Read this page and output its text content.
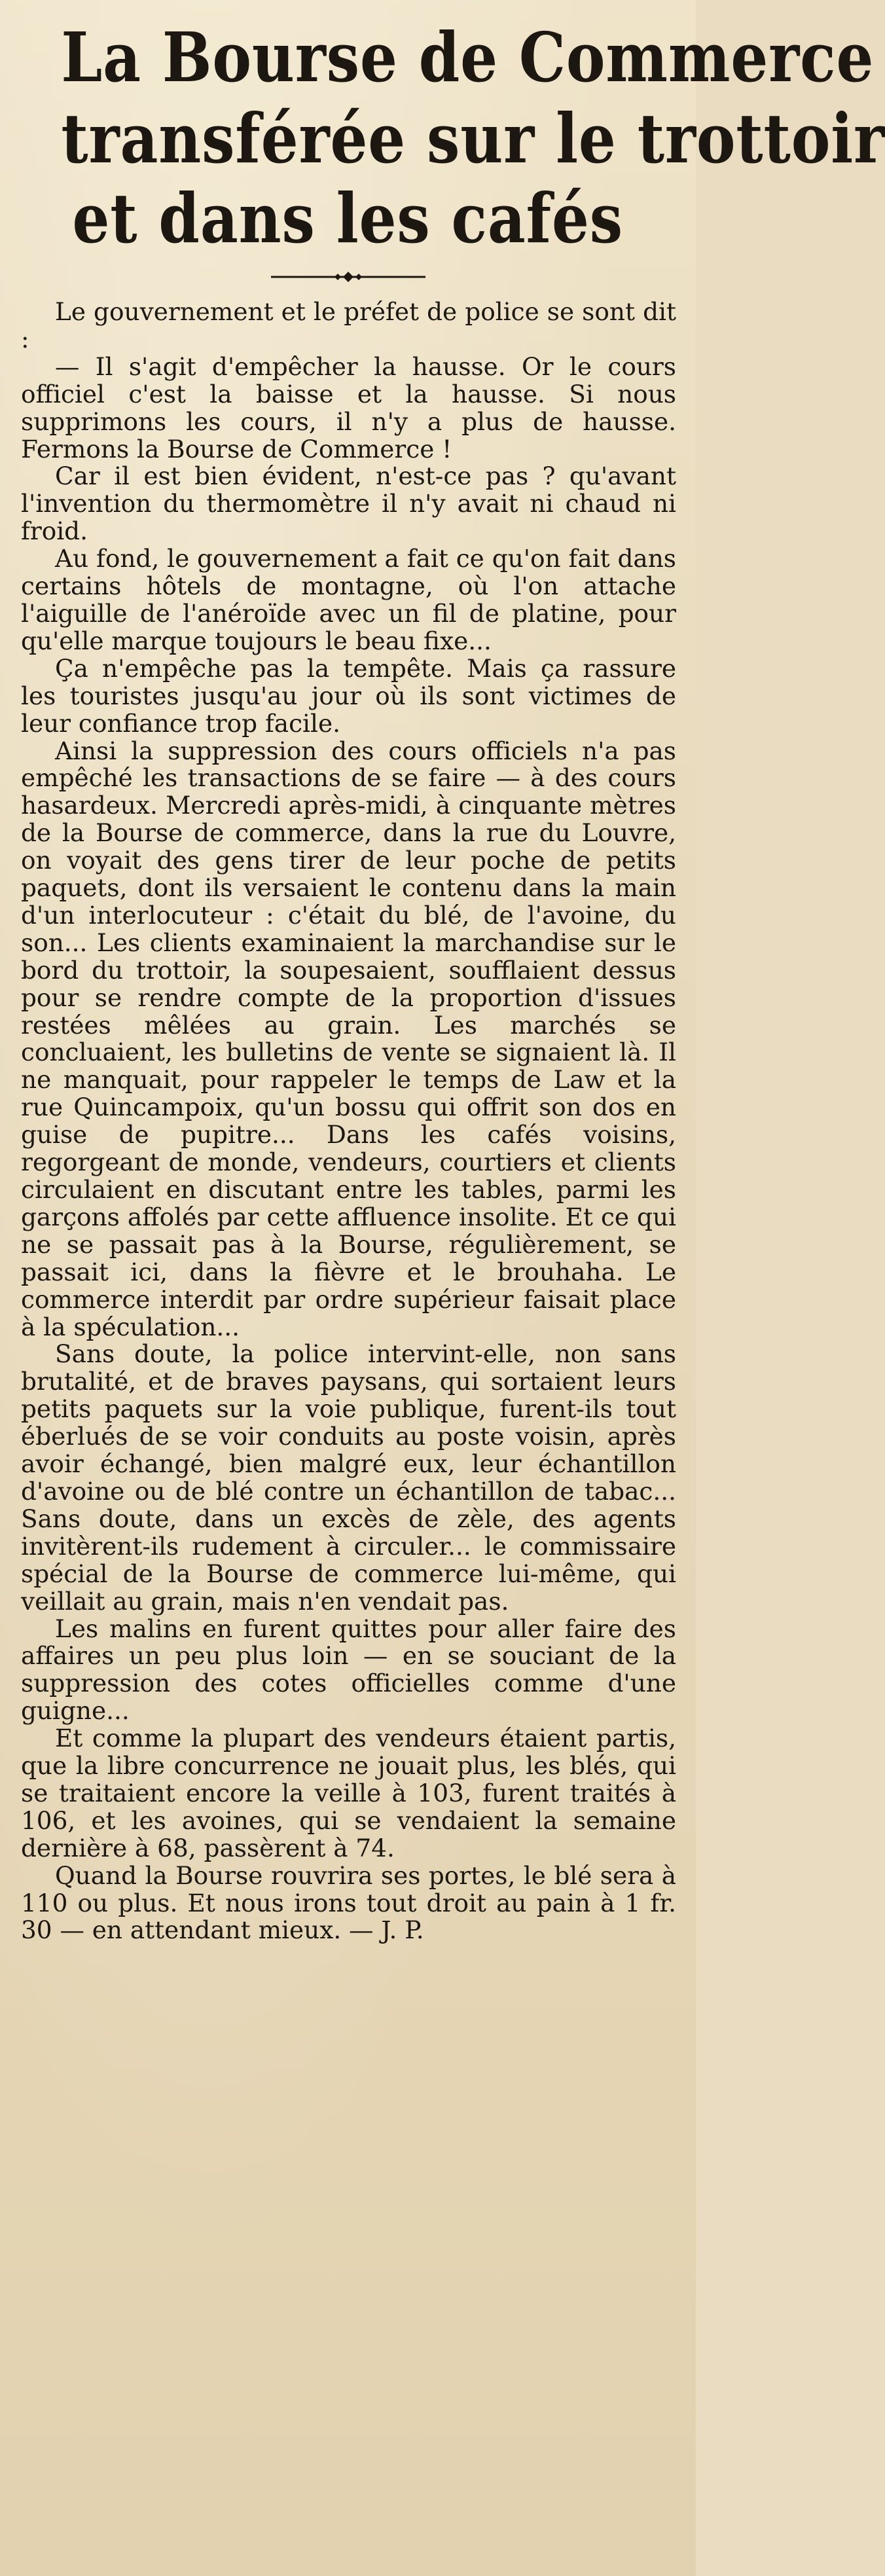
La Bourse de Commerce
transférée sur le trottoir
et dans les cafés

Le gouvernement et le préfet de police se sont dit :

— Il s'agit d'empêcher la hausse. Or le cours officiel c'est la baisse et la hausse. Si nous supprimons les cours, il n'y a plus de hausse. Fermons la Bourse de Commerce !

Car il est bien évident, n'est-ce pas ? qu'avant l'invention du thermomètre il n'y avait ni chaud ni froid.

Au fond, le gouvernement a fait ce qu'on fait dans certains hôtels de montagne, où l'on attache l'aiguille de l'anéroïde avec un fil de platine, pour qu'elle marque toujours le beau fixe...

Ça n'empêche pas la tempête. Mais ça rassure les touristes jusqu'au jour où ils sont victimes de leur confiance trop facile.

Ainsi la suppression des cours officiels n'a pas empêché les transactions de se faire — à des cours hasardeux. Mercredi après-midi, à cinquante mètres de la Bourse de commerce, dans la rue du Louvre, on voyait des gens tirer de leur poche de petits paquets, dont ils versaient le contenu dans la main d'un interlocuteur : c'était du blé, de l'avoine, du son... Les clients examinaient la marchandise sur le bord du trottoir, la soupesaient, soufflaient dessus pour se rendre compte de la proportion d'issues restées mêlées au grain. Les marchés se concluaient, les bulletins de vente se signaient là. Il ne manquait, pour rappeler le temps de Law et la rue Quincampoix, qu'un bossu qui offrit son dos en guise de pupitre... Dans les cafés voisins, regorgeant de monde, vendeurs, courtiers et clients circulaient en discutant entre les tables, parmi les garçons affolés par cette affluence insolite. Et ce qui ne se passait pas à la Bourse, régulièrement, se passait ici, dans la fièvre et le brouhaha. Le commerce interdit par ordre supérieur faisait place à la spéculation...

Sans doute, la police intervint-elle, non sans brutalité, et de braves paysans, qui sortaient leurs petits paquets sur la voie publique, furent-ils tout éberlués de se voir conduits au poste voisin, après avoir échangé, bien malgré eux, leur échantillon d'avoine ou de blé contre un échantillon de tabac... Sans doute, dans un excès de zèle, des agents invitèrent-ils rudement à circuler... le commissaire spécial de la Bourse de commerce lui-même, qui veillait au grain, mais n'en vendait pas.

Les malins en furent quittes pour aller faire des affaires un peu plus loin — en se souciant de la suppression des cotes officielles comme d'une guigne...

Et comme la plupart des vendeurs étaient partis, que la libre concurrence ne jouait plus, les blés, qui se traitaient encore la veille à 103, furent traités à 106, et les avoines, qui se vendaient la semaine dernière à 68, passèrent à 74.

Quand la Bourse rouvrira ses portes, le blé sera à 110 ou plus. Et nous irons tout droit au pain à 1 fr. 30 — en attendant mieux. — J. P.
